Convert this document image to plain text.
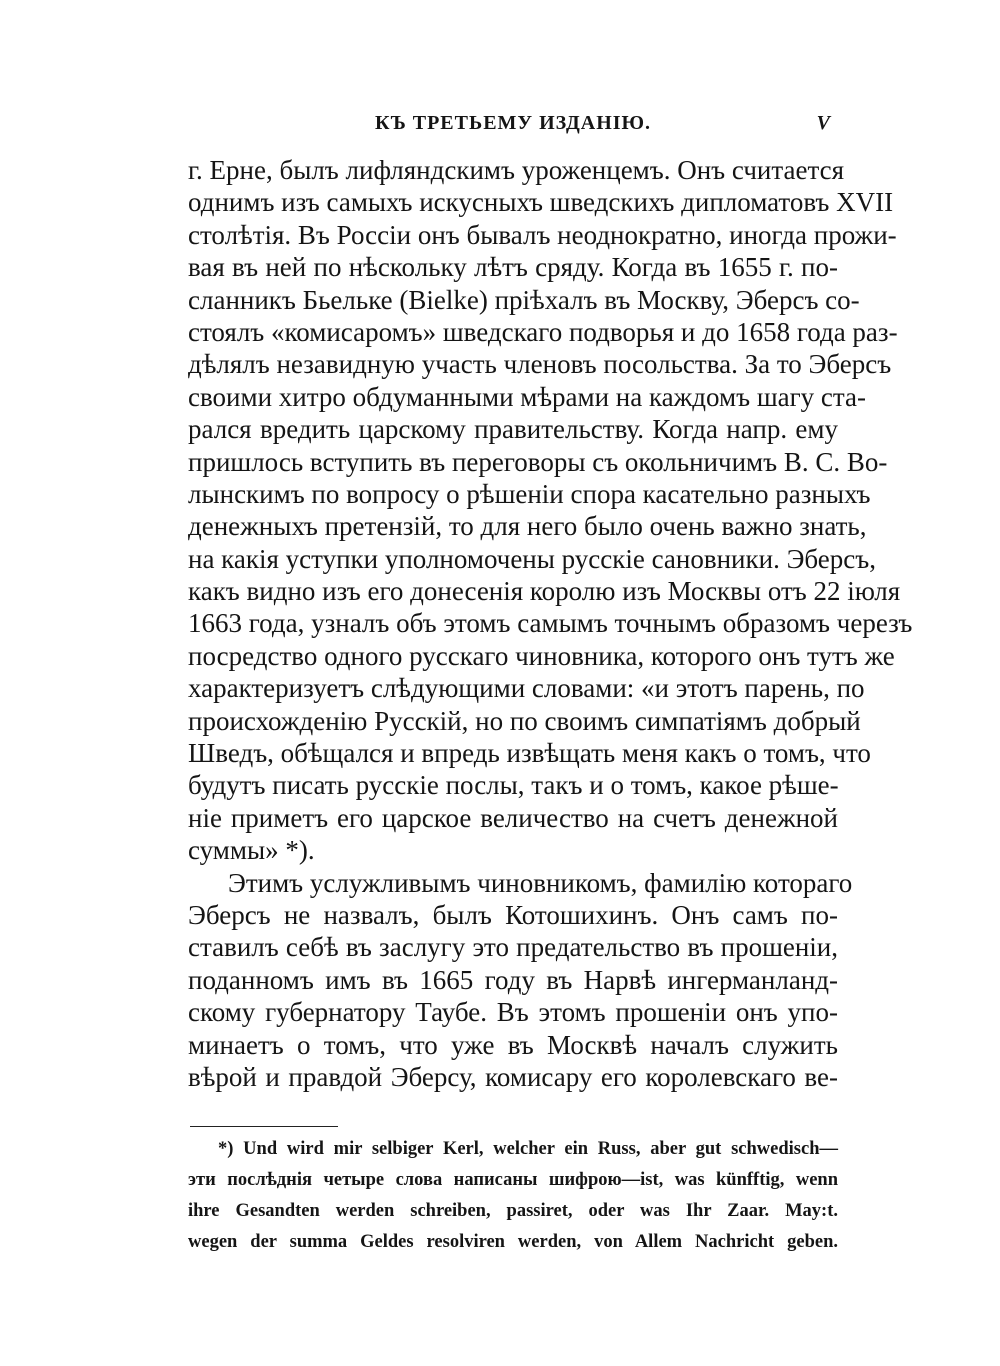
КЪ ТРЕТЬЕМУ ИЗДАНIЮ.	V
г. Ерне, былъ лифляндскимъ уроженцемъ. Онъ считается
однимъ изъ самыхъ искусныхъ шведскихъ дипломатовъ XVII
столѣтія. Въ Россіи онъ бывалъ неоднократно, иногда прожи-
вая въ ней по нѣскольку лѣтъ сряду. Когда въ 1655 г. по-
сланникъ Бьельке (Bielke) пріѣхалъ въ Москву, Эберсъ со-
стоялъ «комисаромъ» шведскаго подворья и до 1658 года раз-
дѣлялъ незавидную участь членовъ посольства. За то Эберсъ
своими хитро обдуманными мѣрами на каждомъ шагу ста-
рался вредить царскому правительству. Когда напр. ему
пришлось вступить въ переговоры съ окольничимъ В. С. Во-
лынскимъ по вопросу о рѣшеніи спора касательно разныхъ
денежныхъ претензій, то для него было очень важно знать,
на какія уступки уполномочены русскіе сановники. Эберсъ,
какъ видно изъ его донесенія королю изъ Москвы отъ 22 іюля
1663 года, узналъ объ этомъ самымъ точнымъ образомъ черезъ
посредство одного русскаго чиновника, которого онъ тутъ же
характеризуетъ слѣдующими словами: «и этотъ парень, по
происхожденію Русскій, но по своимъ симпатіямъ добрый
Шведъ, обѣщался и впредь извѣщать меня какъ о томъ, что
будутъ писать русскіе послы, такъ и о томъ, какое рѣше-
ніе приметъ его царское величество на счетъ денежной
суммы» *).
Этимъ услужливымъ чиновникомъ, фамилію котораго
Эберсъ не назвалъ, былъ Котошихинъ. Онъ самъ по-
ставилъ себѣ въ заслугу это предательство въ прошеніи,
поданномъ имъ въ 1665 году въ Нарвѣ ингерманланд-
скому губернатору Таубе. Въ этомъ прошеніи онъ упо-
минаетъ о томъ, что уже въ Москвѣ началъ служить
вѣрой и правдой Эберсу, комисару его королевскаго ве-
*) Und wird mir selbiger Kerl, welcher ein Russ, aber gut schwedisch—
эти послѣднія четыре слова написаны шифрою—ist, was künfftig, wenn
ihre Gesandten werden schreiben, passiret, oder was Ihr Zaar. May:t.
wegen der summa Geldes resolviren werden, von Allem Nachricht geben.
